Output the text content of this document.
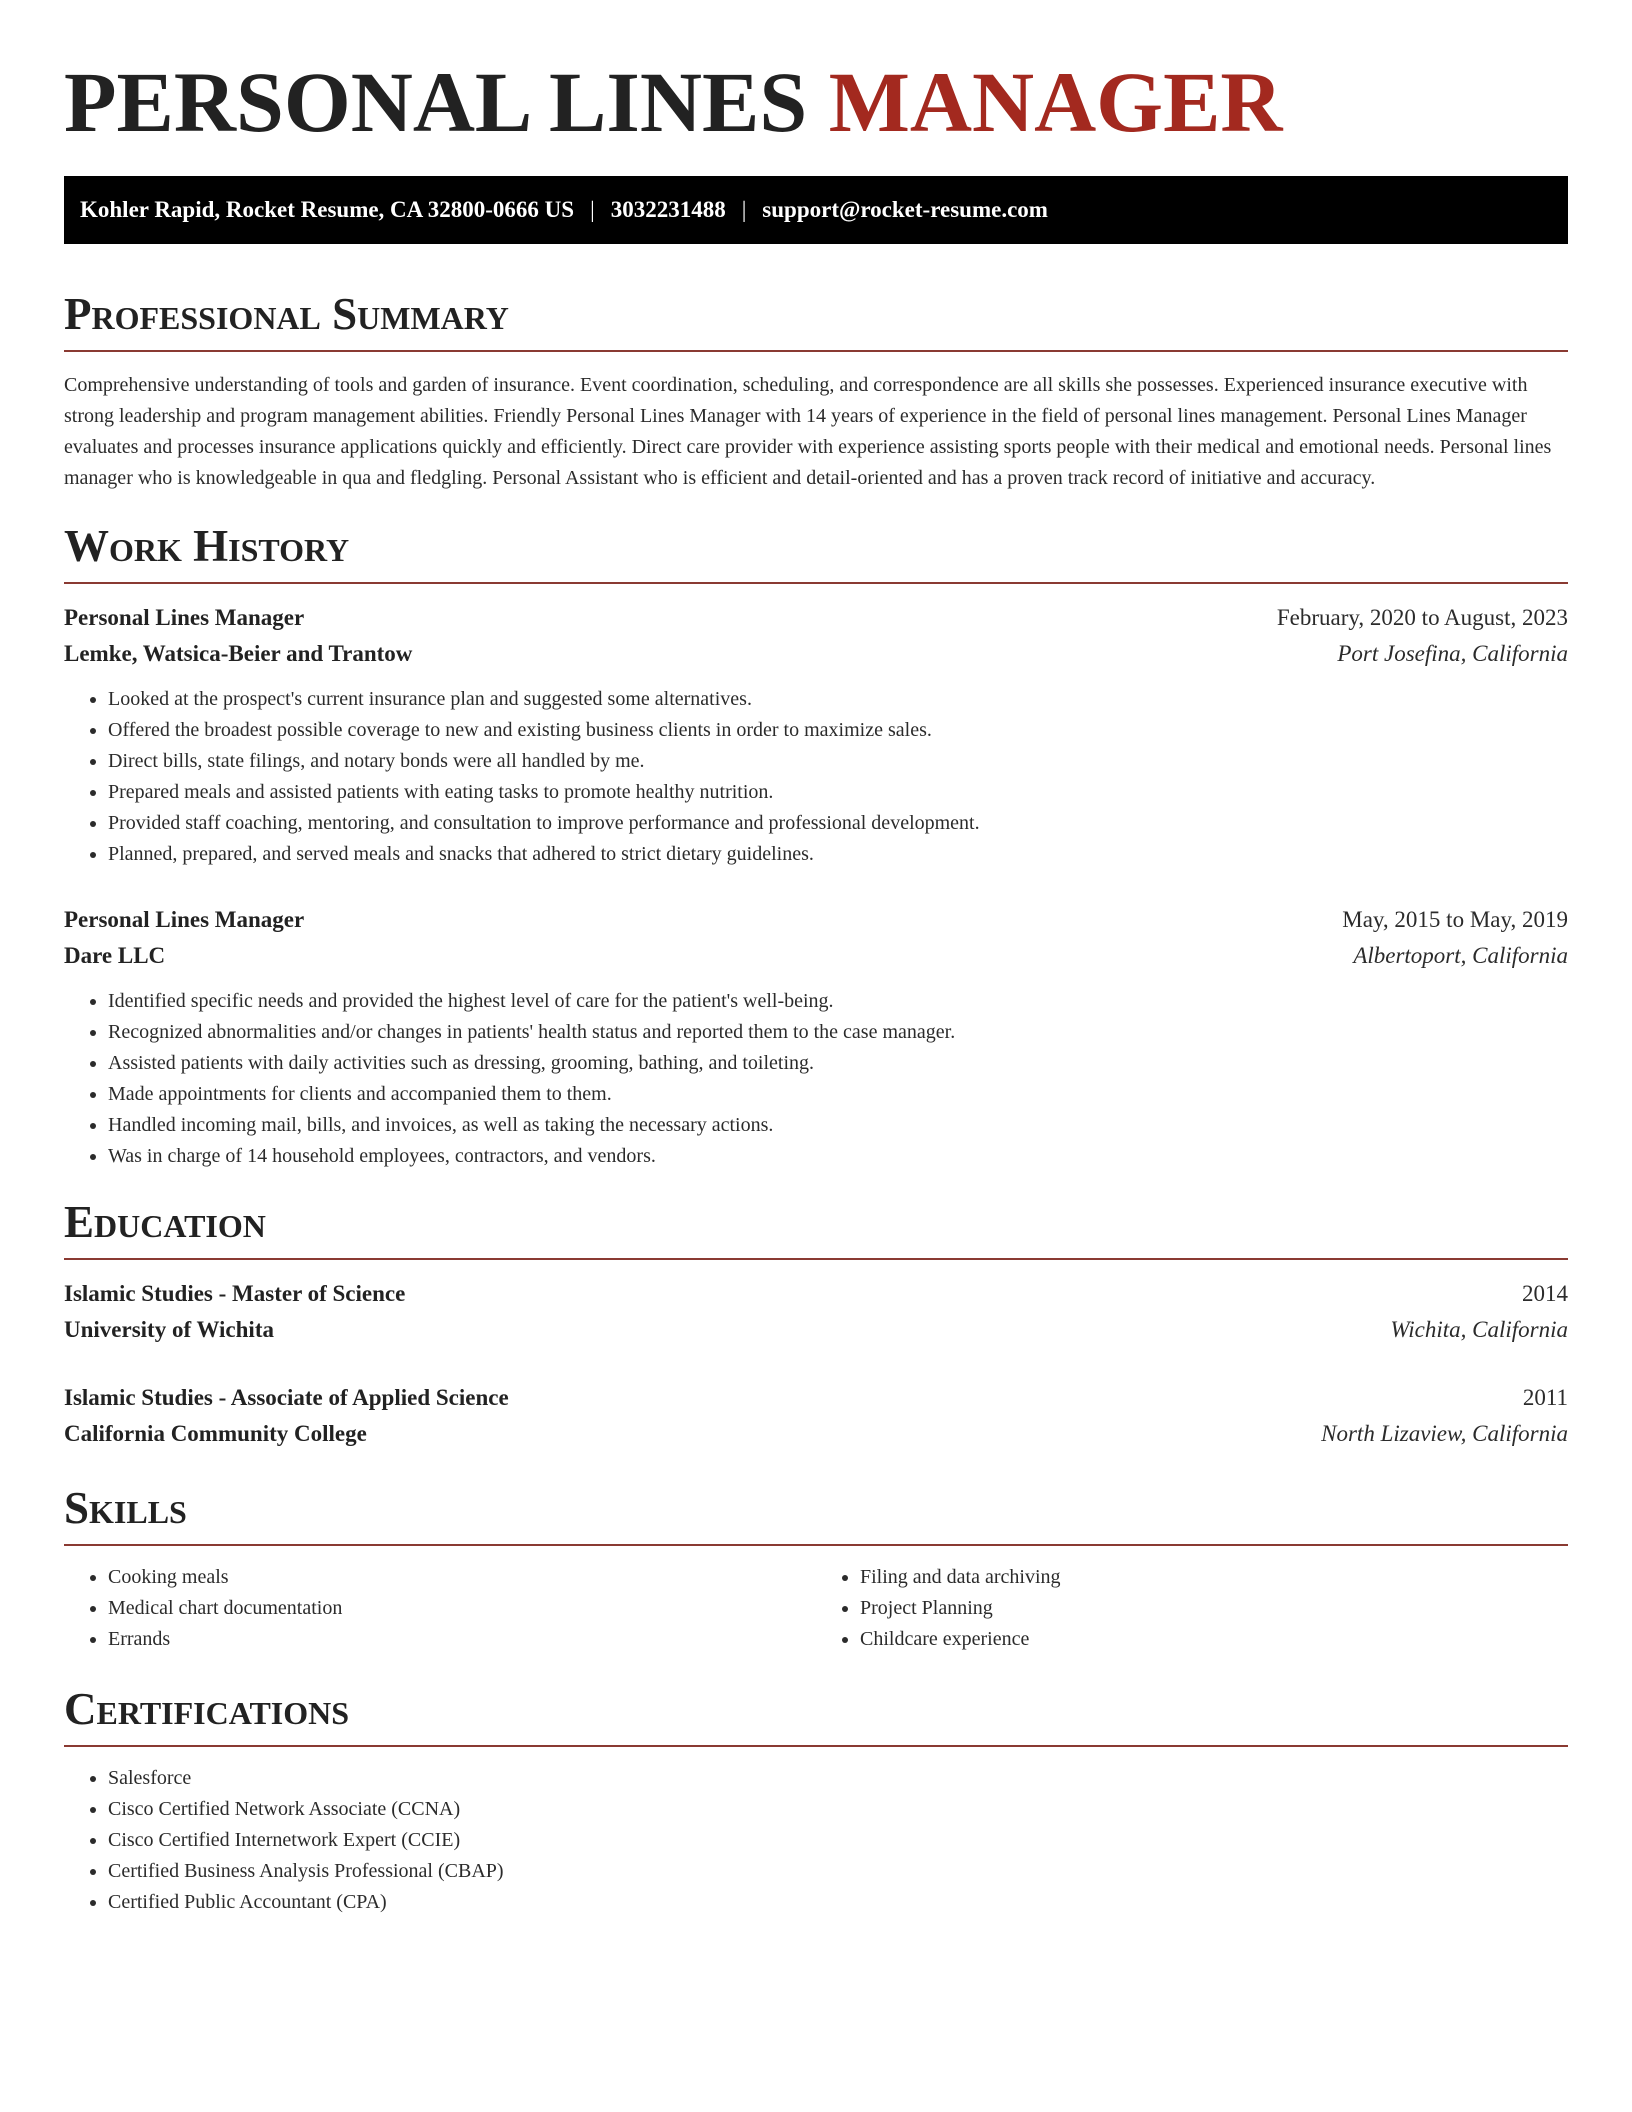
PERSONAL LINES MANAGER
Kohler Rapid, Rocket Resume, CA 32800-0666 US | 3032231488 | support@rocket-resume.com
Professional Summary

Comprehensive understanding of tools and garden of insurance. Event coordination, scheduling, and correspondence are all skills she possesses. Experienced insurance executive with strong leadership and program management abilities. Friendly Personal Lines Manager with 14 years of experience in the field of personal lines management. Personal Lines Manager evaluates and processes insurance applications quickly and efficiently. Direct care provider with experience assisting sports people with their medical and emotional needs. Personal lines manager who is knowledgeable in qua and fledgling. Personal Assistant who is efficient and detail-oriented and has a proven track record of initiative and accuracy.

Work History
Personal Lines Manager	February, 2020 to August, 2023
Lemke, Watsica-Beier and Trantow	Port Josefina, California
• Looked at the prospect's current insurance plan and suggested some alternatives.
• Offered the broadest possible coverage to new and existing business clients in order to maximize sales.
• Direct bills, state filings, and notary bonds were all handled by me.
• Prepared meals and assisted patients with eating tasks to promote healthy nutrition.
• Provided staff coaching, mentoring, and consultation to improve performance and professional development.
• Planned, prepared, and served meals and snacks that adhered to strict dietary guidelines.
Personal Lines Manager	May, 2015 to May, 2019
Dare LLC	Albertoport, California
• Identified specific needs and provided the highest level of care for the patient's well-being.
• Recognized abnormalities and/or changes in patients' health status and reported them to the case manager.
• Assisted patients with daily activities such as dressing, grooming, bathing, and toileting.
• Made appointments for clients and accompanied them to them.
• Handled incoming mail, bills, and invoices, as well as taking the necessary actions.
• Was in charge of 14 household employees, contractors, and vendors.
Education
Islamic Studies - Master of Science	2014
University of Wichita	Wichita, California
Islamic Studies - Associate of Applied Science	2011
California Community College	North Lizaview, California
Skills
• Cooking meals
• Medical chart documentation
• Errands
• Filing and data archiving
• Project Planning
• Childcare experience
Certifications
• Salesforce
• Cisco Certified Network Associate (CCNA)
• Cisco Certified Internetwork Expert (CCIE)
• Certified Business Analysis Professional (CBAP)
• Certified Public Accountant (CPA)
